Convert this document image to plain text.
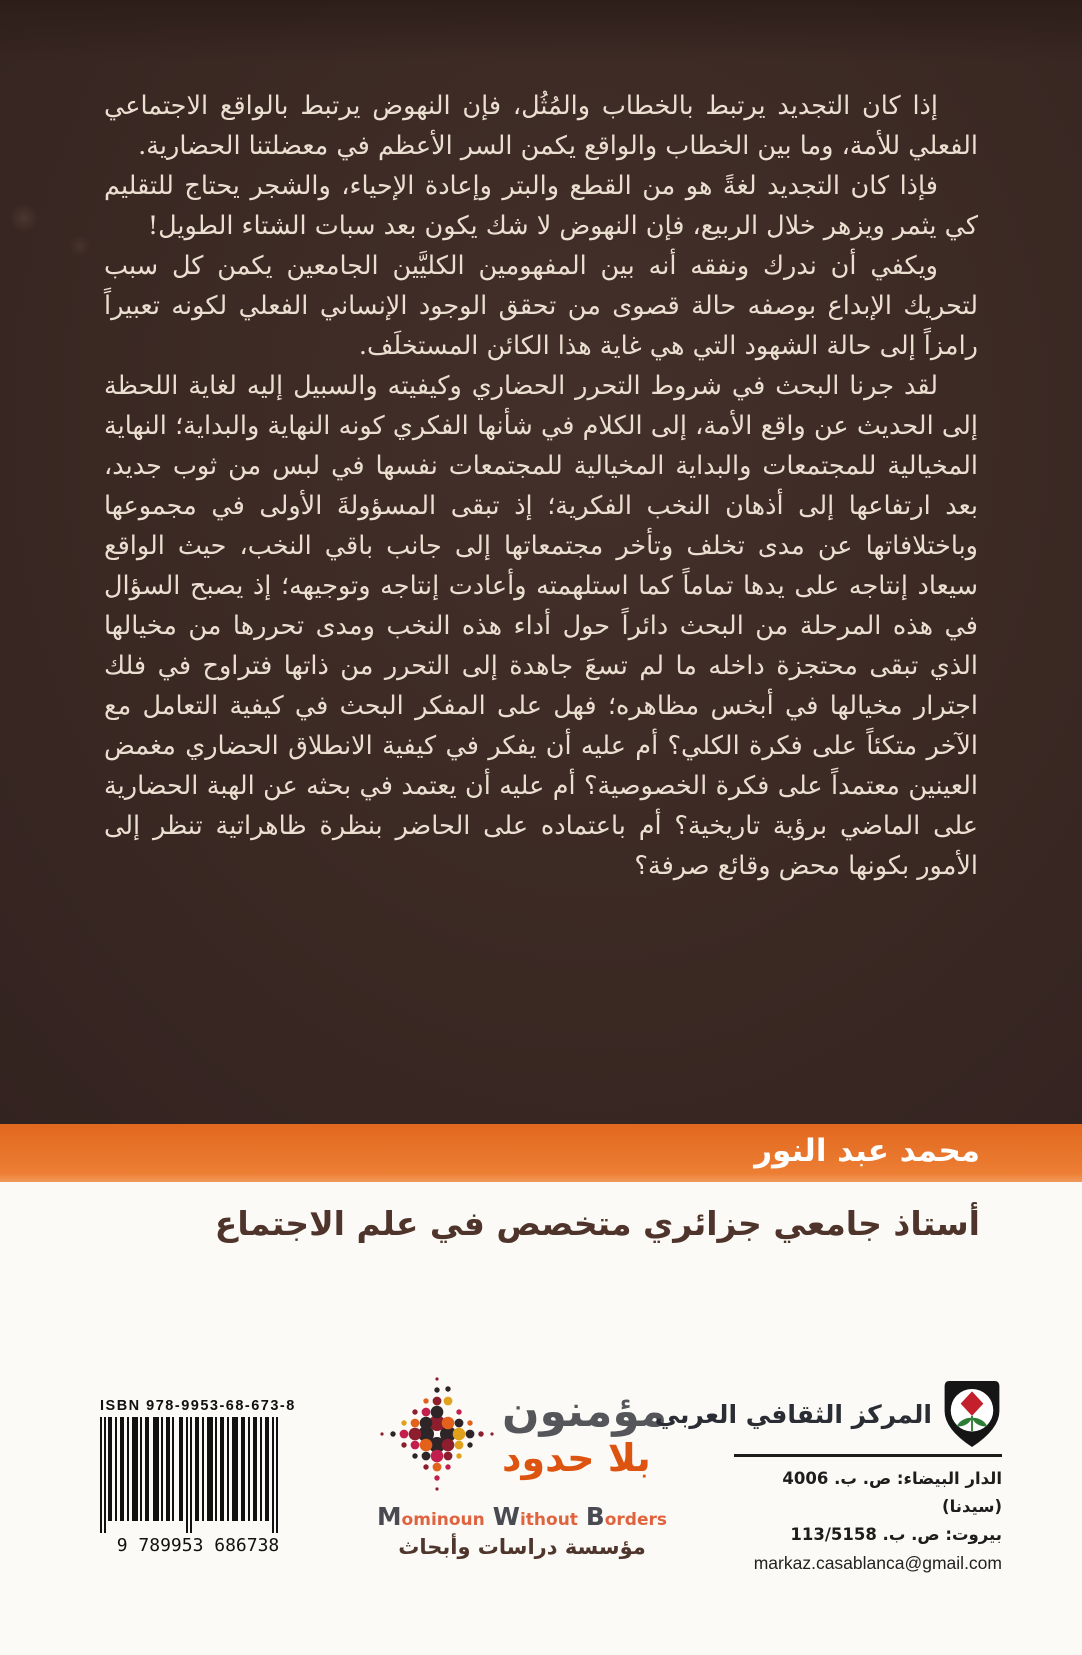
إذا كان التجديد يرتبط بالخطاب والمُثُل، فإن النهوض يرتبط بالواقع الاجتماعي الفعلي للأمة، وما بين الخطاب والواقع يكمن السر الأعظم في معضلتنا الحضارية.

فإذا كان التجديد لغةً هو من القطع والبتر وإعادة الإحياء، والشجر يحتاج للتقليم كي يثمر ويزهر خلال الربيع، فإن النهوض لا شك يكون بعد سبات الشتاء الطويل!

ويكفي أن ندرك ونفقه أنه بين المفهومين الكليَّين الجامعين يكمن كل سبب لتحريك الإبداع بوصفه حالة قصوى من تحقق الوجود الإنساني الفعلي لكونه تعبيراً رامزاً إلى حالة الشهود التي هي غاية هذا الكائن المستخلَف.

لقد جرنا البحث في شروط التحرر الحضاري وكيفيته والسبيل إليه لغاية اللحظة إلى الحديث عن واقع الأمة، إلى الكلام في شأنها الفكري كونه النهاية والبداية؛ النهاية المخيالية للمجتمعات والبداية المخيالية للمجتمعات نفسها في لبس من ثوب جديد، بعد ارتفاعها إلى أذهان النخب الفكرية؛ إذ تبقى المسؤولةَ الأولى في مجموعها وباختلافاتها عن مدى تخلف وتأخر مجتمعاتها إلى جانب باقي النخب، حيث الواقع سيعاد إنتاجه على يدها تماماً كما استلهمته وأعادت إنتاجه وتوجيهه؛ إذ يصبح السؤال في هذه المرحلة من البحث دائراً حول أداء هذه النخب ومدى تحررها من مخيالها الذي تبقى محتجزة داخله ما لم تسعَ جاهدة إلى التحرر من ذاتها فتراوح في فلك اجترار مخيالها في أبخس مظاهره؛ فهل على المفكر البحث في كيفية التعامل مع الآخر متكئاً على فكرة الكلي؟ أم عليه أن يفكر في كيفية الانطلاق الحضاري مغمض العينين معتمداً على فكرة الخصوصية؟ أم عليه أن يعتمد في بحثه عن الهبة الحضارية على الماضي برؤية تاريخية؟ أم باعتماده على الحاضر بنظرة ظاهراتية تنظر إلى الأمور بكونها محض وقائع صرفة؟

محمد عبد النور
أستاذ جامعي جزائري متخصص في علم الاجتماع
ISBN 978-9953-68-673-8
9 789953 686738
مؤمنون
بلا حدود
Mominoun Without Borders
مؤسسة دراسات وأبحاث
المركز الثقافي العربي
الدار البيضاء: ص. ب. 4006 (سيدنا)
بيروت: ص. ب. 113/5158
markaz.casablanca@gmail.com
